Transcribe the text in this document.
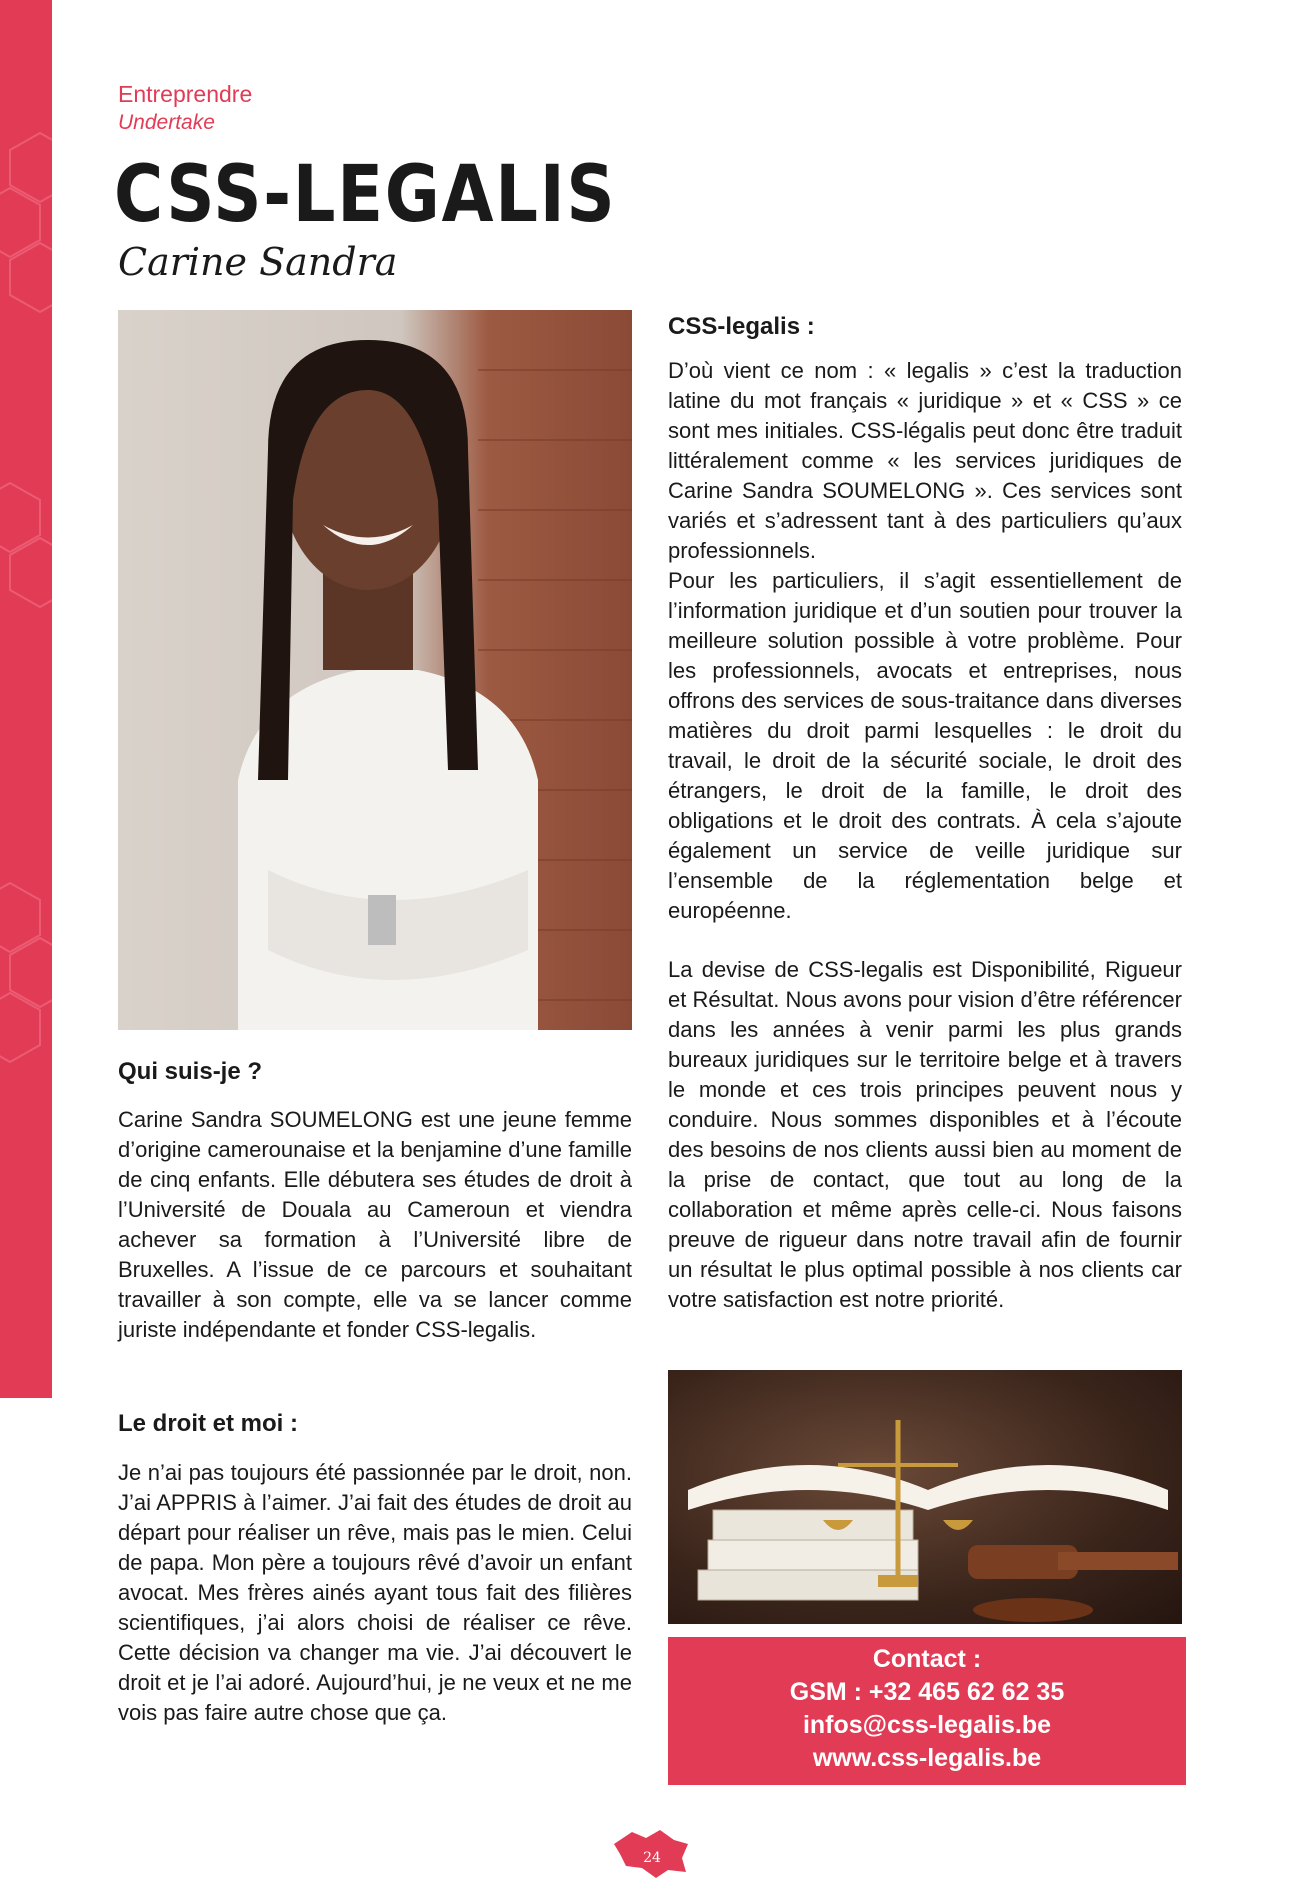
Entreprendre
Undertake
CSS-LEGALIS
Carine Sandra
CSS-legalis :

D’où vient ce nom : « legalis » c’est la traduction latine du mot français « juridique » et « CSS » ce sont mes initiales. CSS-légalis peut donc être traduit littéralement comme « les services juridiques de Carine Sandra SOUMELONG ». Ces services sont variés et s’adressent tant à des particuliers qu’aux professionnels.

Pour les particuliers, il s’agit essentiellement de l’information juridique et d’un soutien pour trouver la meilleure solution possible à votre problème. Pour les professionnels, avocats et entreprises, nous offrons des services de sous-traitance dans diverses matières du droit parmi lesquelles : le droit du travail, le droit de la sécurité sociale, le droit des étrangers, le droit de la famille, le droit des obligations et le droit des contrats. À cela s’ajoute également un service de veille juridique sur l’ensemble de la réglementation belge et européenne.

La devise de CSS-legalis est Disponibilité, Rigueur et Résultat. Nous avons pour vision d’être référencer dans les années à venir parmi les plus grands bureaux juridiques sur le territoire belge et à travers le monde et ces trois principes peuvent nous y conduire. Nous sommes disponibles et à l’écoute des besoins de nos clients aussi bien au moment de la prise de contact, que tout au long de la collaboration et même après celle-ci. Nous faisons preuve de rigueur dans notre travail afin de fournir un résultat le plus optimal possible à nos clients car votre satisfaction est notre priorité.

Qui suis-je ?

Carine Sandra SOUMELONG est une jeune femme d’origine camerounaise et la benjamine d’une famille de cinq enfants. Elle débutera ses études de droit à l’Université de Douala au Cameroun et viendra achever sa formation à l’Université libre de Bruxelles. A l’issue de ce parcours et souhaitant travailler à son compte, elle va se lancer comme juriste indépendante et fonder CSS-legalis.

Le droit et moi :

Je n’ai pas toujours été passionnée par le droit, non. J’ai APPRIS à l’aimer. J’ai fait des études de droit au départ pour réaliser un rêve, mais pas le mien. Celui de papa. Mon père a toujours rêvé d’avoir un enfant avocat. Mes frères ainés ayant tous fait des filières scientifiques, j’ai alors choisi de réaliser ce rêve. Cette décision va changer ma vie. J’ai découvert le droit et je l’ai adoré. Aujourd’hui, je ne veux et ne me vois pas faire autre chose que ça.

Contact :
GSM : +32 465 62 62 35
infos@css-legalis.be
www.css-legalis.be
24
